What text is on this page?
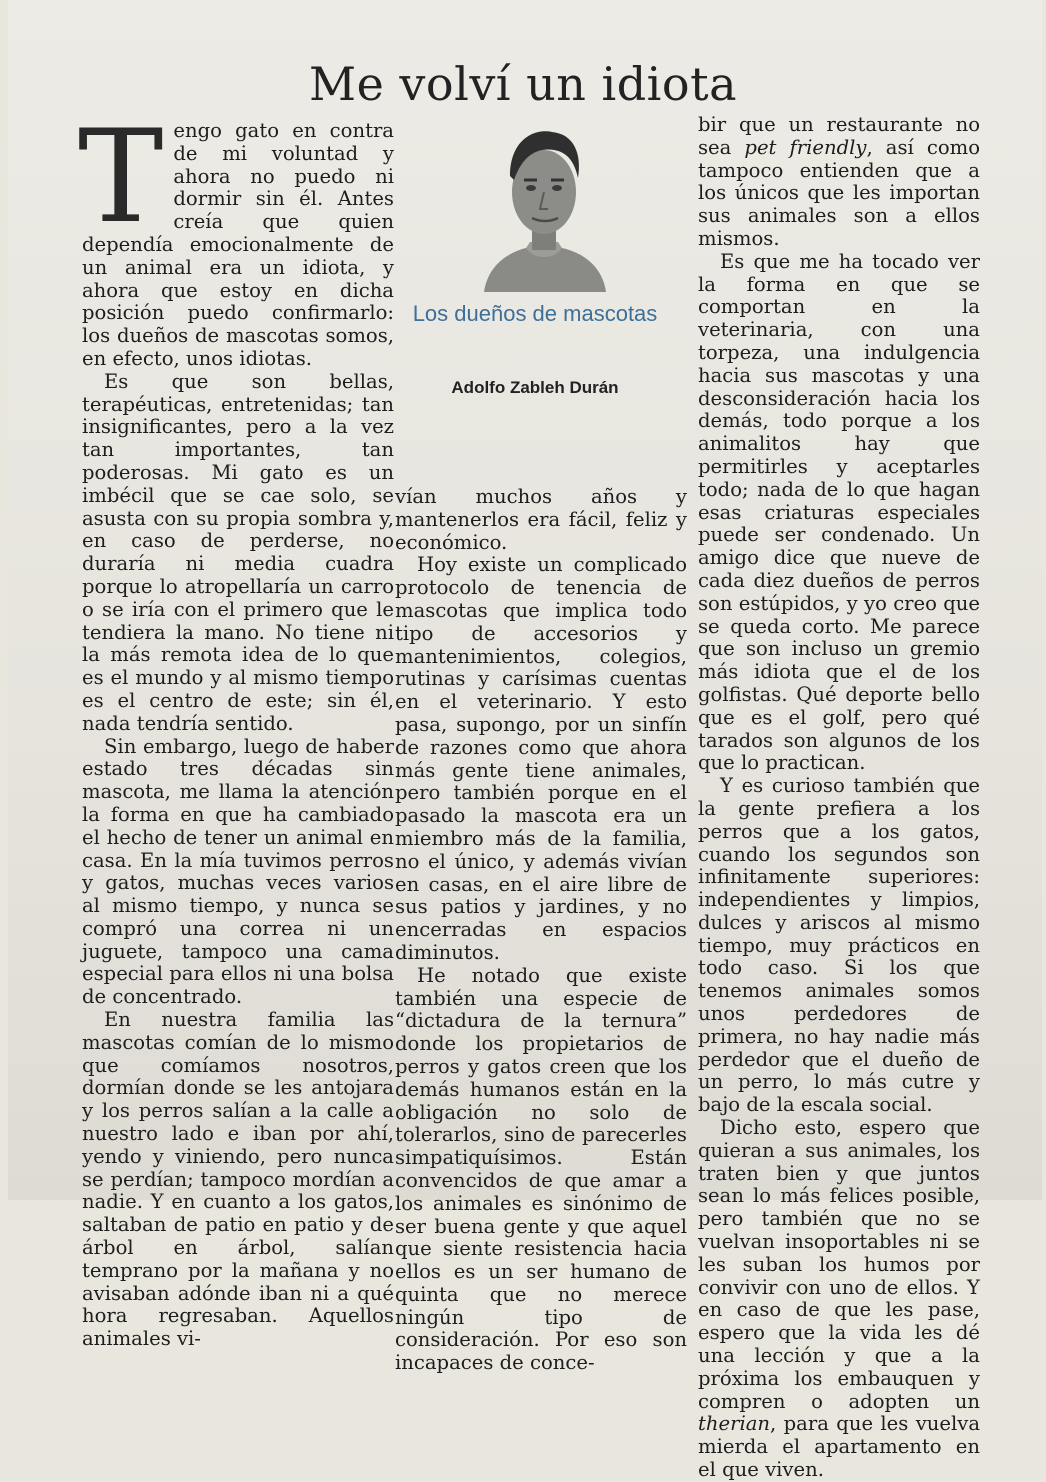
Me volví un idiota

Tengo gato en contra de mi voluntad y ahora no puedo ni dormir sin él. Antes creía que quien dependía emocionalmente de un animal era un idiota, y ahora que estoy en dicha posición puedo confirmarlo: los dueños de mascotas somos, en efecto, unos idiotas.

Es que son bellas, terapéuticas, entretenidas; tan insignificantes, pero a la vez tan importantes, tan poderosas. Mi gato es un imbécil que se cae solo, se asusta con su propia sombra y, en caso de perderse, no duraría ni media cuadra porque lo atropellaría un carro o se iría con el primero que le tendiera la mano. No tiene ni la más remota idea de lo que es el mundo y al mismo tiempo es el centro de este; sin él, nada tendría sentido.

Sin embargo, luego de haber estado tres décadas sin mascota, me llama la atención la forma en que ha cambiado el hecho de tener un animal en casa. En la mía tuvimos perros y gatos, muchas veces varios al mismo tiempo, y nunca se compró una correa ni un juguete, tampoco una cama especial para ellos ni una bolsa de concentrado.

En nuestra familia las mascotas comían de lo mismo que comíamos nosotros, dormían donde se les antojara y los perros salían a la calle a nuestro lado e iban por ahí, yendo y viniendo, pero nunca se perdían; tampoco mordían a nadie. Y en cuanto a los gatos, saltaban de patio en patio y de árbol en árbol, salían temprano por la mañana y no avisaban adónde iban ni a qué hora regresaban. Aquellos animales vi-

Los dueños de mascotas
Adolfo Zableh Durán

vían muchos años y mantenerlos era fácil, feliz y económico.

Hoy existe un complicado protocolo de tenencia de mascotas que implica todo tipo de accesorios y mantenimientos, colegios, rutinas y carísimas cuentas en el veterinario. Y esto pasa, supongo, por un sinfín de razones como que ahora más gente tiene animales, pero también porque en el pasado la mascota era un miembro más de la familia, no el único, y además vivían en casas, en el aire libre de sus patios y jardines, y no encerradas en espacios diminutos.

He notado que existe también una especie de “dictadura de la ternura” donde los propietarios de perros y gatos creen que los demás humanos están en la obligación no solo de tolerarlos, sino de parecerles simpatiquísimos. Están convencidos de que amar a los animales es sinónimo de ser buena gente y que aquel que siente resistencia hacia ellos es un ser humano de quinta que no merece ningún tipo de consideración. Por eso son incapaces de conce-

bir que un restaurante no sea pet friendly, así como tampoco entienden que a los únicos que les importan sus animales son a ellos mismos.

Es que me ha tocado ver la forma en que se comportan en la veterinaria, con una torpeza, una indulgencia hacia sus mascotas y una desconsideración hacia los demás, todo porque a los animalitos hay que permitirles y aceptarles todo; nada de lo que hagan esas criaturas especiales puede ser condenado. Un amigo dice que nueve de cada diez dueños de perros son estúpidos, y yo creo que se queda corto. Me parece que son incluso un gremio más idiota que el de los golfistas. Qué deporte bello que es el golf, pero qué tarados son algunos de los que lo practican.

Y es curioso también que la gente prefiera a los perros que a los gatos, cuando los segundos son infinitamente superiores: independientes y limpios, dulces y ariscos al mismo tiempo, muy prácticos en todo caso. Si los que tenemos animales somos unos perdedores de primera, no hay nadie más perdedor que el dueño de un perro, lo más cutre y bajo de la escala social.

Dicho esto, espero que quieran a sus animales, los traten bien y que juntos sean lo más felices posible, pero también que no se vuelvan insoportables ni se les suban los humos por convivir con uno de ellos. Y en caso de que les pase, espero que la vida les dé una lección y que a la próxima los embauquen y compren o adopten un therian, para que les vuelva mierda el apartamento en el que viven.
